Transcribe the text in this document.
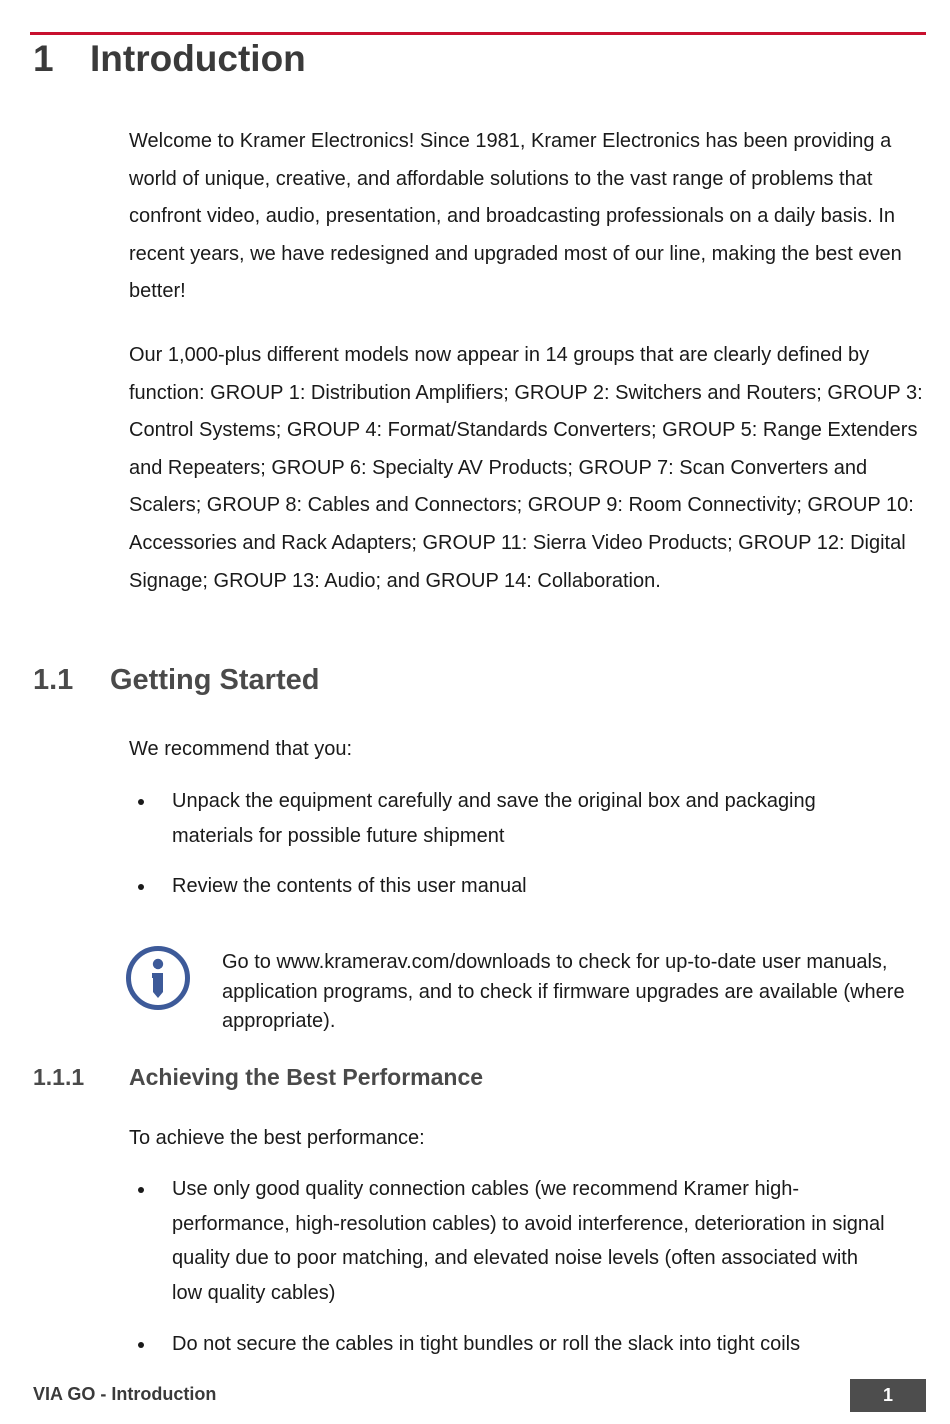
1 Introduction

Welcome to Kramer Electronics! Since 1981, Kramer Electronics has been providing a world of unique, creative, and affordable solutions to the vast range of problems that confront video, audio, presentation, and broadcasting professionals on a daily basis. In recent years, we have redesigned and upgraded most of our line, making the best even better!

Our 1,000-plus different models now appear in 14 groups that are clearly defined by function: GROUP 1: Distribution Amplifiers; GROUP 2: Switchers and Routers; GROUP 3: Control Systems; GROUP 4: Format/Standards Converters; GROUP 5: Range Extenders and Repeaters; GROUP 6: Specialty AV Products; GROUP 7: Scan Converters and Scalers; GROUP 8: Cables and Connectors; GROUP 9: Room Connectivity; GROUP 10: Accessories and Rack Adapters; GROUP 11: Sierra Video Products; GROUP 12: Digital Signage; GROUP 13: Audio; and GROUP 14: Collaboration.

1.1 Getting Started

We recommend that you:

Unpack the equipment carefully and save the original box and packaging materials for possible future shipment
Review the contents of this user manual

Go to www.kramerav.com/downloads to check for up-to-date user manuals, application programs, and to check if firmware upgrades are available (where appropriate).

1.1.1 Achieving the Best Performance

To achieve the best performance:

Use only good quality connection cables (we recommend Kramer high-performance, high-resolution cables) to avoid interference, deterioration in signal quality due to poor matching, and elevated noise levels (often associated with low quality cables)
Do not secure the cables in tight bundles or roll the slack into tight coils
VIA GO - Introduction	1
